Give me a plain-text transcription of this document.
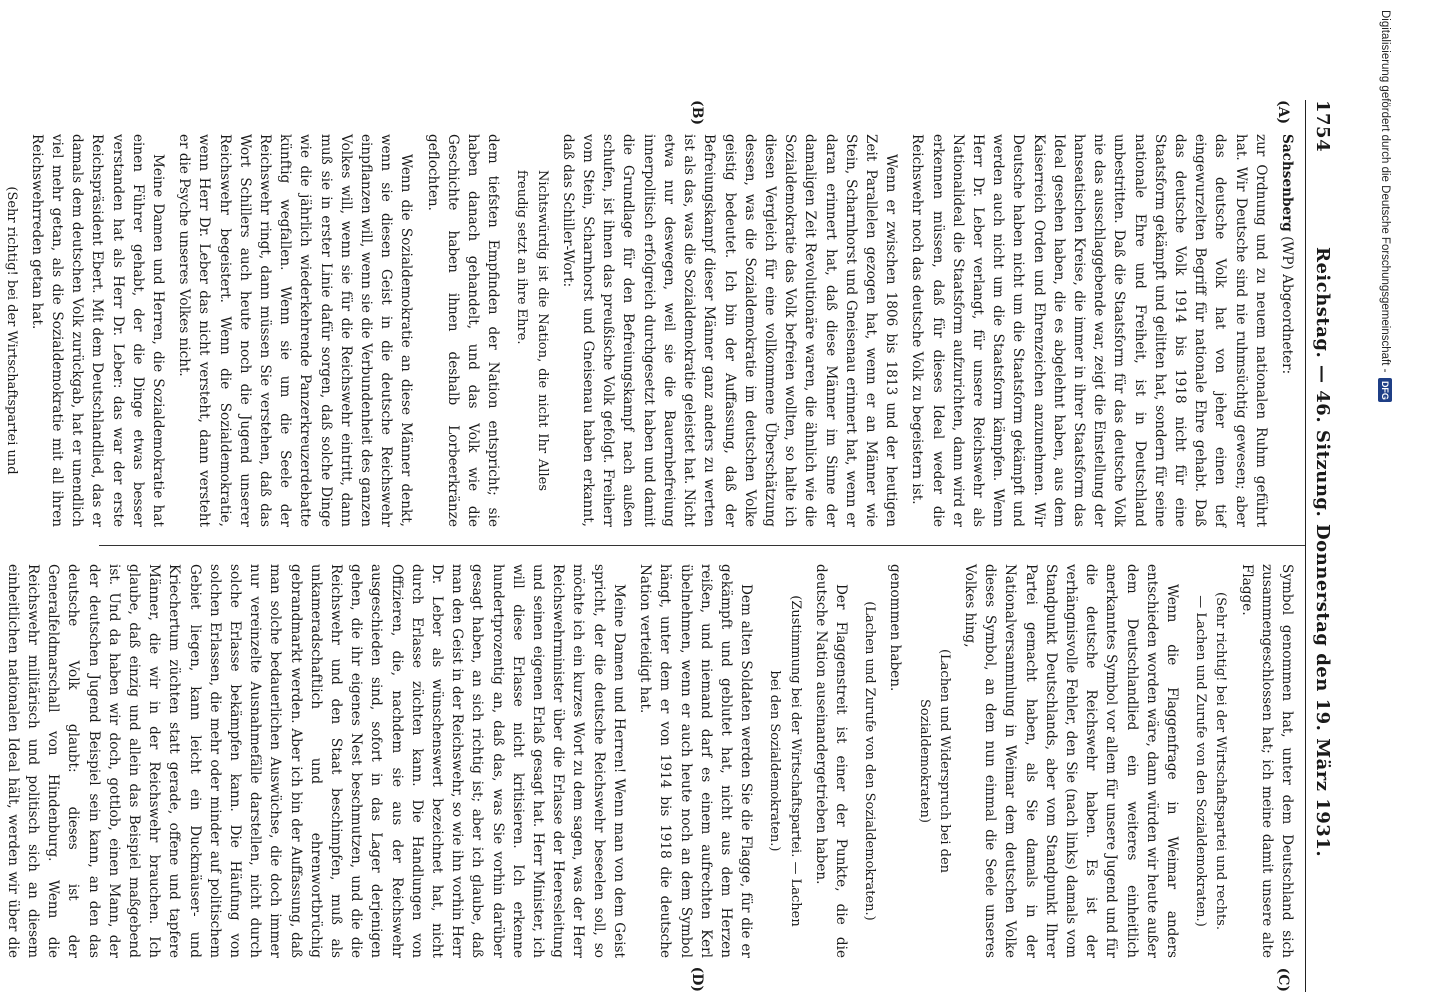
1754
Reichstag. — 46. Sitzung. Donnerstag den 19. März 1931.
(A)
(B)
(C)
(D)

Sachsenberg (WP) Abgeordneter:

zur Ordnung und zu neuem nationalen Ruhm geführt hat. Wir Deutsche sind nie ruhmsüchtig gewesen; aber das deutsche Volk hat von jeher einen tief eingewurzelten Begriff für nationale Ehre gehabt. Daß das deutsche Volk 1914 bis 1918 nicht für eine Staatsform gekämpft und gelitten hat, sondern für seine nationale Ehre und Freiheit, ist in Deutschland unbestritten. Daß die Staatsform für das deutsche Volk nie das ausschlaggebende war, zeigt die Einstellung der hanseatischen Kreise, die immer in ihrer Staatsform das Ideal gesehen haben, die es abgelehnt haben, aus dem Kaiserreich Orden und Ehrenzeichen anzunehmen. Wir Deutsche haben nicht um die Staatsform gekämpft und werden auch nicht um die Staatsform kämpfen. Wenn Herr Dr. Leber verlangt, für unsere Reichswehr als Nationalideal die Staatsform aufzurichten, dann wird er erkennen müssen, daß für dieses Ideal weder die Reichswehr noch das deutsche Volk zu begeistern ist.

Wenn er zwischen 1806 bis 1813 und der heutigen Zeit Parallelen gezogen hat, wenn er an Männer wie Stein, Scharnhorst und Gneisenau erinnert hat, wenn er daran erinnert hat, daß diese Männer im Sinne der damaligen Zeit Revolutionäre waren, die ähnlich wie die Sozialdemokratie das Volk befreien wollten, so halte ich diesen Vergleich für eine vollkommene Überschätzung dessen, was die Sozialdemokratie im deutschen Volke geistig bedeutet. Ich bin der Auffassung, daß der Befreiungskampf dieser Männer ganz anders zu werten ist als das, was die Sozialdemokratie geleistet hat. Nicht etwa nur deswegen, weil sie die Bauernbefreiung innerpolitisch erfolgreich durchgesetzt haben und damit die Grundlage für den Befreiungskampf nach außen schufen, ist ihnen das preußische Volk gefolgt. Freiherr vom Stein, Scharnhorst und Gneisenau haben erkannt, daß das Schiller-Wort:

Nichtswürdig ist die Nation, die nicht Ihr Alles freudig setzt an ihre Ehre.

dem tiefsten Empfinden der Nation entspricht; sie haben danach gehandelt, und das Volk wie die Geschichte haben ihnen deshalb Lorbeerkränze geflochten.

Wenn die Sozialdemokratie an diese Männer denkt, wenn sie diesen Geist in die deutsche Reichswehr einpflanzen will, wenn sie die Verbundenheit des ganzen Volkes will, wenn sie für die Reichswehr eintritt, dann muß sie in erster Linie dafür sorgen, daß solche Dinge wie die jährlich wiederkehrende Panzerkreuzerdebatte künftig wegfallen. Wenn sie um die Seele der Reichswehr ringt, dann müssen Sie verstehen, daß das Wort Schillers auch heute noch die Jugend unserer Reichswehr begeistert. Wenn die Sozialdemokratie, wenn Herr Dr. Leber das nicht versteht, dann versteht er die Psyche unseres Volkes nicht.

Meine Damen und Herren, die Sozialdemokratie hat einen Führer gehabt, der die Dinge etwas besser verstanden hat als Herr Dr. Leber: das war der erste Reichspräsident Ebert. Mit dem Deutschlandlied, das er damals dem deutschen Volk zurückgab, hat er unendlich viel mehr getan, als die Sozialdemokratie mit all ihren Reichswehrreden getan hat.

(Sehr richtig! bei der Wirtschaftspartei und

Symbol genommen hat, unter dem Deutschland sich zusammengeschlossen hat; ich meine damit unsere alte Flagge.

(Sehr richtig! bei der Wirtschaftspartei und rechts. — Lachen und Zurufe von den Sozialdemokraten.)

Wenn die Flaggenfrage in Weimar anders entschieden worden wäre, dann würden wir heute außer dem Deutschlandlied ein weiteres einheitlich anerkanntes Symbol vor allem für unsere Jugend und für die deutsche Reichswehr haben. Es ist der verhängnisvolle Fehler, den Sie (nach links) damals vom Standpunkt Deutschlands, aber vom Standpunkt Ihrer Partei gemacht haben, als Sie damals in der Nationalversammlung in Weimar dem deutschen Volke dieses Symbol, an dem nun einmal die Seele unseres Volkes hing,

(Lachen und Widerspruch bei den Sozialdemokraten)

genommen haben.

(Lachen und Zurufe von den Sozialdemokraten.)

Der Flaggenstreit ist einer der Punkte, die die deutsche Nation auseinandergetrieben haben.

(Zustimmung bei der Wirtschaftspartei. — Lachen bei den Sozialdemokraten.)

Dem alten Soldaten werden Sie die Flagge, für die er gekämpft und geblutet hat, nicht aus dem Herzen reißen, und niemand darf es einem aufrechten Kerl übelnehmen, wenn er auch heute noch an dem Symbol hängt, unter dem er von 1914 bis 1918 die deutsche Nation verteidigt hat.

Meine Damen und Herren! Wenn man von dem Geist spricht, der die deutsche Reichswehr beseelen soll, so möchte ich ein kurzes Wort zu dem sagen, was der Herr Reichswehrminister über die Erlasse der Heeresleitung und seinen eigenen Erlaß gesagt hat. Herr Minister, ich will diese Erlasse nicht kritisieren. Ich erkenne hundertprozentig an, daß das, was Sie vorhin darüber gesagt haben, an sich richtig ist; aber ich glaube, daß man den Geist in der Reichswehr, so wie ihn vorhin Herr Dr. Leber als wünschenswert bezeichnet hat, nicht durch Erlasse züchten kann. Die Handlungen von Offizieren, die, nachdem sie aus der Reichswehr ausgeschieden sind, sofort in das Lager derjenigen gehen, die ihr eigenes Nest beschmutzen, und die die Reichswehr und den Staat beschimpfen, muß als unkameradschaftlich und ehrenwortbrüchig gebrandmarkt werden. Aber ich bin der Auffassung, daß man solche bedauerlichen Auswüchse, die doch immer nur vereinzelte Ausnahmefälle darstellen, nicht durch solche Erlasse bekämpfen kann. Die Häufung von solchen Erlassen, die mehr oder minder auf politischem Gebiet liegen, kann leicht ein Duckmäuser- und Kriechertum züchten statt gerade, offene und tapfere Männer, die wir in der Reichswehr brauchen. Ich glaube, daß einzig und allein das Beispiel maßgebend ist. Und da haben wir doch, gottlob, einen Mann, der der deutschen Jugend Beispiel sein kann, an den das deutsche Volk glaubt: dieses ist der Generalfeldmarschall von Hindenburg. Wenn die Reichswehr militärisch und politisch sich an diesem einheitlichen nationalen Ideal hält, werden wir über die

Digitalisierung gefördert durch die Deutsche Forschungsgemeinschaft -
DFG
